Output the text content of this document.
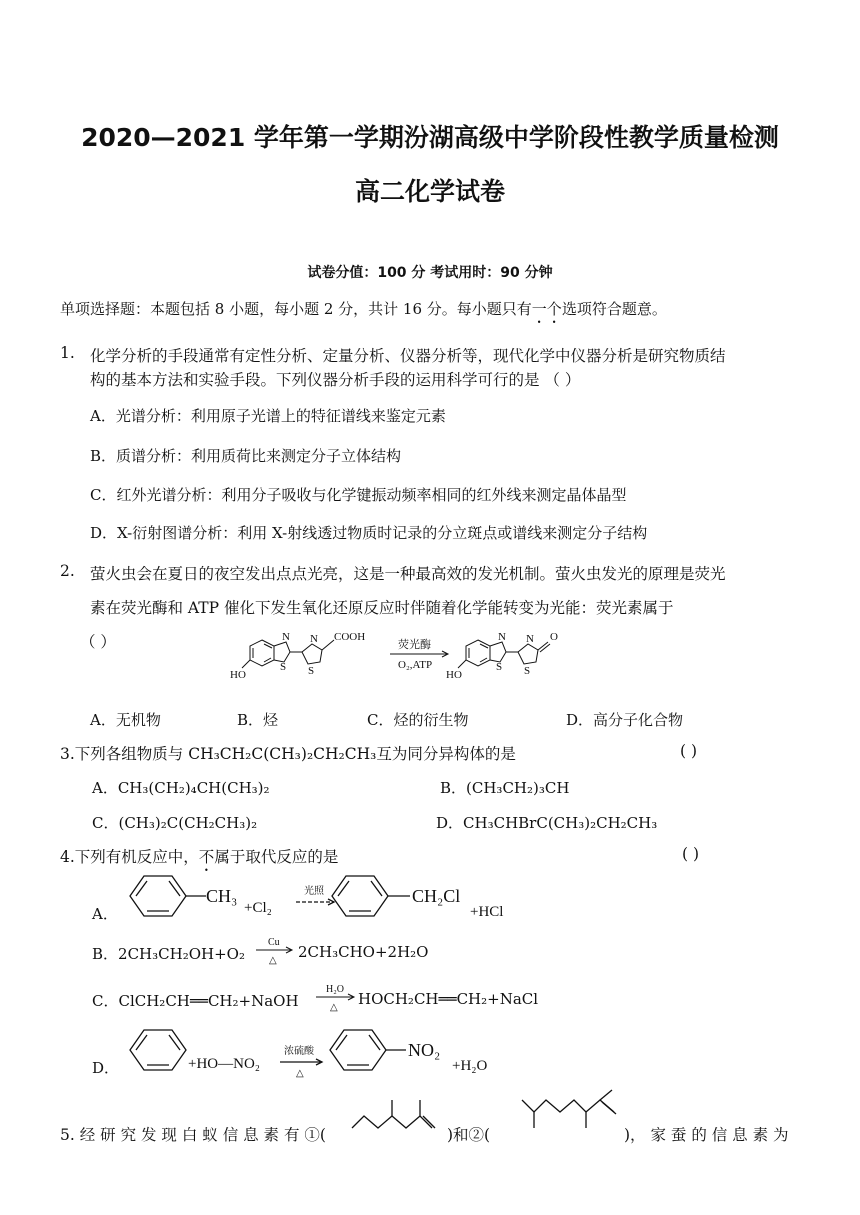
2020—2021 学年第一学期汾湖高级中学阶段性教学质量检测
高二化学试卷
试卷分值：100 分 考试用时：90 分钟
单项选择题：本题包括 8 小题，每小题 2 分，共计 16 分。每小题只有一个选项符合题意。
1. 化学分析的手段通常有定性分析、定量分析、仪器分析等，现代化学中仪器分析是研究物质结
构的基本方法和实验手段。下列仪器分析手段的运用科学可行的是 （ ）
A．光谱分析：利用原子光谱上的特征谱线来鉴定元素
B．质谱分析：利用质荷比来测定分子立体结构
C．红外光谱分析：利用分子吸收与化学键振动频率相同的红外线来测定晶体晶型
D．X-衍射图谱分析：利用 X-射线透过物质时记录的分立斑点或谱线来测定分子结构
2. 萤火虫会在夏日的夜空发出点点光亮，这是一种最高效的发光机制。萤火虫发光的原理是荧光
素在荧光酶和 ATP 催化下发生氧化还原反应时伴随着化学能转变为光能：荧光素属于
（ ）	N
S
N
S
COOH
HO
荧光酶
O₂,ATP
N
S
N
S
O
HO
A．无机物	B．烃	C．烃的衍生物	D．高分子化合物
3.下列各组物质与 CH₃CH₂C(CH₃)₂CH₂CH₃互为同分异构体的是	( )
A．CH₃(CH₂)₄CH(CH₃)₂	B．(CH₃CH₂)₃CH
C．(CH₃)₂C(CH₂CH₃)₂	D．CH₃CHBrC(CH₃)₂CH₂CH₃
4.下列有机反应中，不属于取代反应的是	( )
A．
CH₃
+Cl₂
光照	CH₂Cl
+HCl
B．2CH₃CH₂OH+O₂
Cu
△ 2CH₃CHO+2H₂O
C．ClCH₂CH══CH₂+NaOH
H₂O
△ HOCH₂CH══CH₂+NaCl
D．	+HO—NO₂
浓硫酸
△
NO₂
+H₂O
5. 经 研 究 发 现 白 蚁 信 息 素 有 ①(	)和②(	)， 家 蚕 的 信 息 素 为
